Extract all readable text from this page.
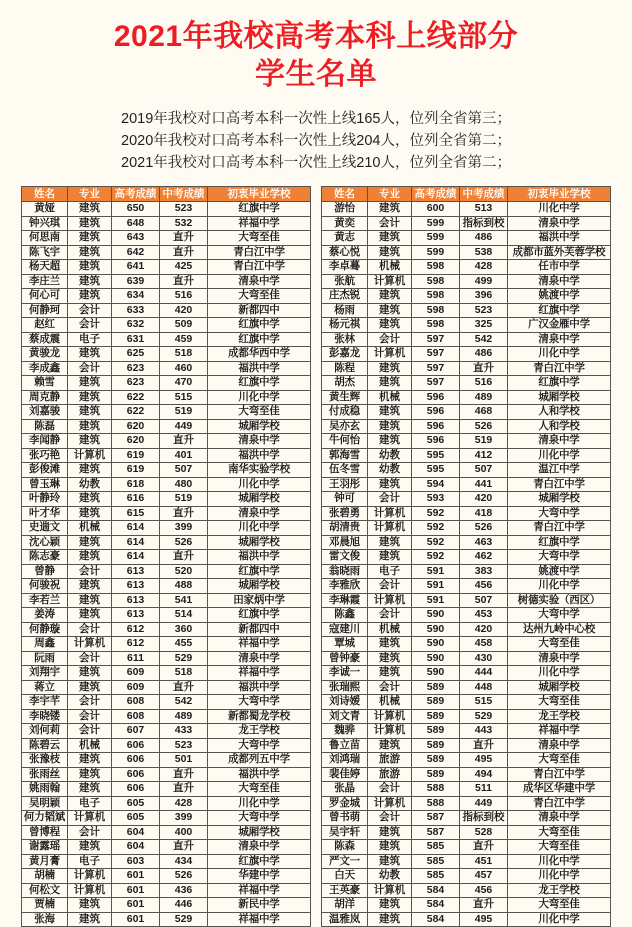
2021年我校高考本科上线部分
学生名单
2019年我校对口高考本科一次性上线165人，位列全省第三；
2020年我校对口高考本科一次性上线204人，位列全省第二；
2021年我校对口高考本科一次性上线210人，位列全省第二；
姓名	专业	高考成绩	中考成绩	初衷毕业学校
黄娅	建筑	650	523	红旗中学
钟兴琪	建筑	648	532	祥福中学
何思南	建筑	643	直升	大弯至佳
陈飞宇	建筑	642	直升	青白江中学
杨天超	建筑	641	425	青白江中学
李庄兰	建筑	639	直升	清泉中学
何心可	建筑	634	516	大弯至佳
何静珂	会计	633	420	新都四中
赵红	会计	632	509	红旗中学
蔡成震	电子	631	459	红旗中学
黄骏龙	建筑	625	518	成都华西中学
李成鑫	会计	623	460	福洪中学
赖雪	建筑	623	470	红旗中学
周克静	建筑	622	515	川化中学
刘嘉骏	建筑	622	519	大弯至佳
陈磊	建筑	620	449	城厢学校
李闻静	建筑	620	直升	清泉中学
张巧艳	计算机	619	401	福洪中学
彭俊滩	建筑	619	507	南华实验学校
曾玉琳	幼教	618	480	川化中学
叶静玲	建筑	616	519	城厢学校
叶才华	建筑	615	直升	清泉中学
史遄文	机械	614	399	川化中学
沈心颖	建筑	614	526	城厢学校
陈志豪	建筑	614	直升	福洪中学
曾静	会计	613	520	红旗中学
何骏祝	建筑	613	488	城厢学校
李若兰	建筑	613	541	田家炳中学
姜涛	建筑	613	514	红旗中学
何静璇	会计	612	360	新都四中
周鑫	计算机	612	455	祥福中学
阮雨	会计	611	529	清泉中学
刘翔宇	建筑	609	518	祥福中学
蒋立	建筑	609	直升	福洪中学
李宇芊	会计	608	542	大弯中学
李晓镂	会计	608	489	新都蜀龙学校
刘何莉	会计	607	433	龙王学校
陈碧云	机械	606	523	大弯中学
张豫枝	建筑	606	501	成都列五中学
张雨丝	建筑	606	直升	福洪中学
姚雨翰	建筑	606	直升	大弯至佳
吴明颖	电子	605	428	川化中学
何力韬斌	计算机	605	399	大弯中学
曾博程	会计	604	400	城厢学校
谢露瑶	建筑	604	直升	清泉中学
黄月膏	电子	603	434	红旗中学
胡楠	计算机	601	526	华建中学
何松文	计算机	601	436	祥福中学
贾楠	建筑	601	446	新民中学
张海	建筑	601	529	祥福中学
姓名	专业	高考成绩	中考成绩	初衷毕业学校
游怡	建筑	600	513	川化中学
黄奕	会计	599	指标到校	清泉中学
黄志	建筑	599	486	福洪中学
蔡心悦	建筑	599	538	成都市蓝外芙蓉学校
李卓蓦	机械	598	428	任市中学
张航	计算机	598	499	清泉中学
庄杰锐	建筑	598	396	姚渡中学
杨雨	建筑	598	523	红旗中学
杨元祺	建筑	598	325	广汉金雁中学
张林	会计	597	542	清泉中学
彭嘉龙	计算机	597	486	川化中学
陈程	建筑	597	直升	青白江中学
胡杰	建筑	597	516	红旗中学
黄生辉	机械	596	489	城厢学校
付成稳	建筑	596	468	人和学校
吴亦玄	建筑	596	526	人和学校
牛何怡	建筑	596	519	清泉中学
郭海雪	幼教	595	412	川化中学
伍冬雪	幼教	595	507	温江中学
王羽彤	建筑	594	441	青白江中学
钟可	会计	593	420	城厢学校
张碧勇	计算机	592	418	大弯中学
胡清贵	计算机	592	526	青白江中学
邓晨旭	建筑	592	463	红旗中学
雷文俊	建筑	592	462	大弯中学
翁晓雨	电子	591	383	姚渡中学
李雅欣	会计	591	456	川化中学
李琳霞	计算机	591	507	树德实验（西区）
陈鑫	会计	590	453	大弯中学
寇建川	机械	590	420	达州九岭中心校
覃城	建筑	590	458	大弯至佳
曾钟豪	建筑	590	430	清泉中学
李诚一	建筑	590	444	川化中学
张瑞熙	会计	589	448	城厢学校
刘诗嫒	机械	589	515	大弯至佳
刘文青	计算机	589	529	龙王学校
魏骅	计算机	589	443	祥福中学
鲁立苗	建筑	589	直升	清泉中学
刘鸿瑞	旅游	589	495	大弯至佳
裴佳婷	旅游	589	494	青白江中学
张晶	会计	588	511	成华区华建中学
罗金城	计算机	588	449	青白江中学
曾书萌	会计	587	指标到校	清泉中学
吴宇轩	建筑	587	528	大弯至佳
陈森	建筑	585	直升	大弯至佳
严文一	建筑	585	451	川化中学
白天	幼教	585	457	川化中学
王英豪	计算机	584	456	龙王学校
胡洋	建筑	584	直升	大弯至佳
温雅岚	建筑	584	495	川化中学
